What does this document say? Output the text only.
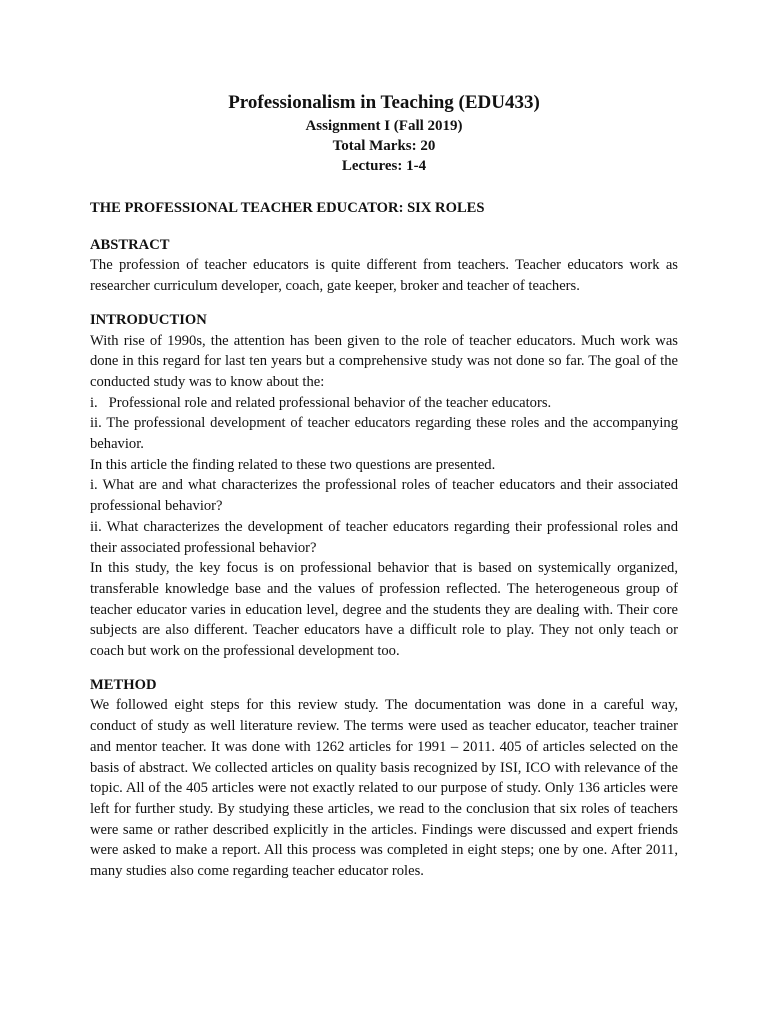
Professionalism in Teaching (EDU433)

Assignment I (Fall 2019)

Total Marks: 20

Lectures: 1-4

THE PROFESSIONAL TEACHER EDUCATOR: SIX ROLES

ABSTRACT

The profession of teacher educators is quite different from teachers. Teacher educators work as researcher curriculum developer, coach, gate keeper, broker and teacher of teachers.

INTRODUCTION

With rise of 1990s, the attention has been given to the role of teacher educators. Much work was done in this regard for last ten years but a comprehensive study was not done so far. The goal of the conducted study was to know about the:

i.   Professional role and related professional behavior of the teacher educators.

ii. The professional development of teacher educators regarding these roles and the accompanying behavior.

In this article the finding related to these two questions are presented.

i. What are and what characterizes the professional roles of teacher educators and their associated professional behavior?

ii. What characterizes the development of teacher educators regarding their professional roles and their associated professional behavior?

In this study, the key focus is on professional behavior that is based on systemically organized, transferable knowledge base and the values of profession reflected. The heterogeneous group of teacher educator varies in education level, degree and the students they are dealing with. Their core subjects are also different. Teacher educators have a difficult role to play. They not only teach or coach but work on the professional development too.

METHOD

We followed eight steps for this review study. The documentation was done in a careful way, conduct of study as well literature review. The terms were used as teacher educator, teacher trainer and mentor teacher. It was done with 1262 articles for 1991 – 2011. 405 of articles selected on the basis of abstract. We collected articles on quality basis recognized by ISI, ICO with relevance of the topic. All of the 405 articles were not exactly related to our purpose of study. Only 136 articles were left for further study. By studying these articles, we read to the conclusion that six roles of teachers were same or rather described explicitly in the articles. Findings were discussed and expert friends were asked to make a report. All this process was completed in eight steps; one by one. After 2011, many studies also come regarding teacher educator roles.
